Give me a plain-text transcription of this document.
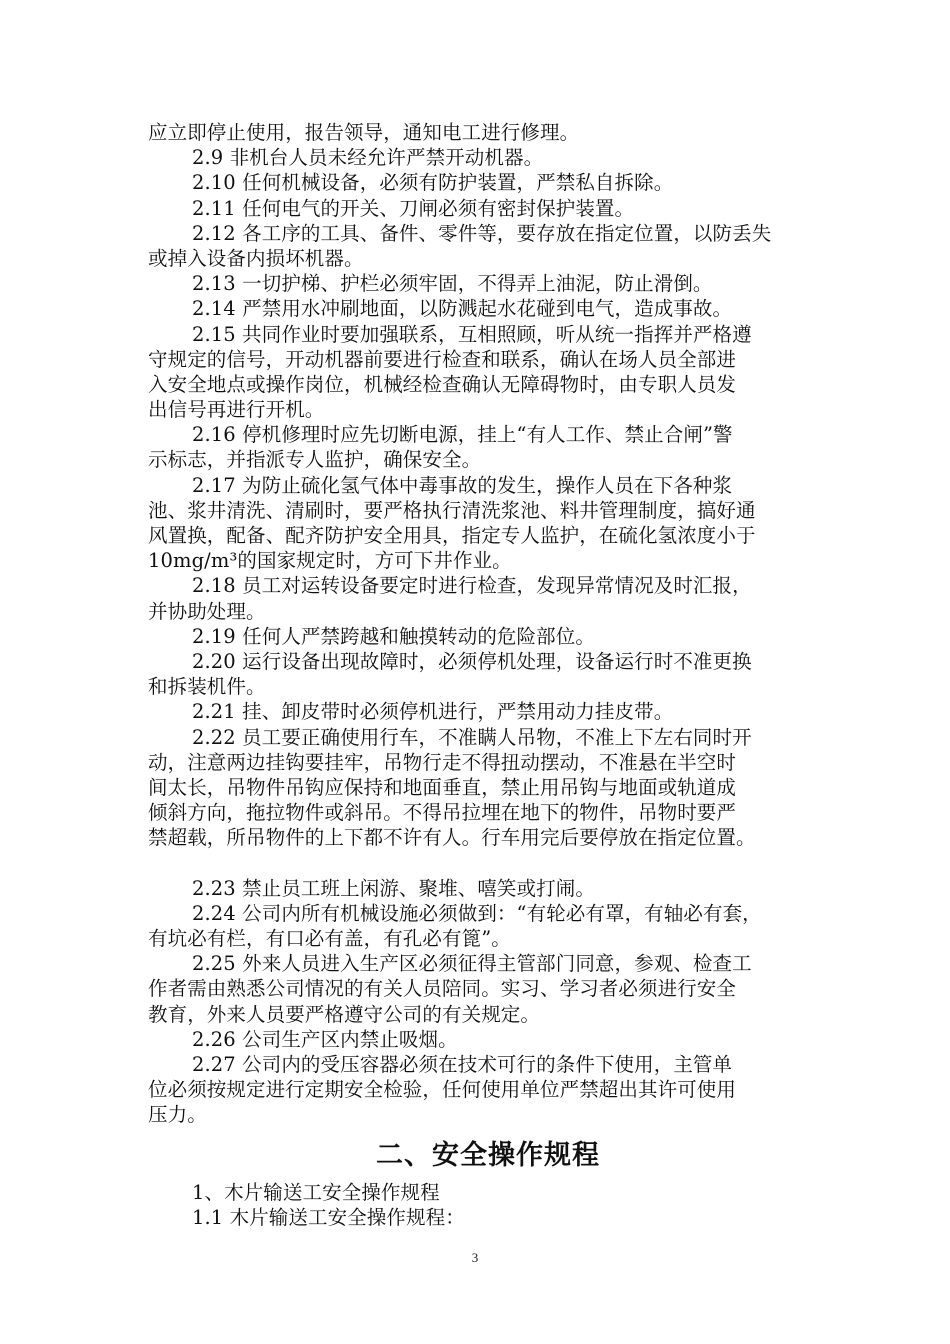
应立即停止使用，报告领导，通知电工进行修理。
2.9 非机台人员未经允许严禁开动机器。
2.10 任何机械设备，必须有防护装置，严禁私自拆除。
2.11 任何电气的开关、刀闸必须有密封保护装置。
2.12 各工序的工具、备件、零件等，要存放在指定位置，以防丢失
或掉入设备内损坏机器。
2.13 一切护梯、护栏必须牢固，不得弄上油泥，防止滑倒。
2.14 严禁用水冲刷地面，以防溅起水花碰到电气，造成事故。
2.15 共同作业时要加强联系，互相照顾，听从统一指挥并严格遵
守规定的信号，开动机器前要进行检查和联系，确认在场人员全部进
入安全地点或操作岗位，机械经检查确认无障碍物时，由专职人员发
出信号再进行开机。
2.16 停机修理时应先切断电源，挂上“有人工作、禁止合闸”警
示标志，并指派专人监护，确保安全。
2.17 为防止硫化氢气体中毒事故的发生，操作人员在下各种浆
池、浆井清洗、清刷时，要严格执行清洗浆池、料井管理制度，搞好通
风置换，配备、配齐防护安全用具，指定专人监护，在硫化氢浓度小于
10mg/m³的国家规定时，方可下井作业。
2.18 员工对运转设备要定时进行检查，发现异常情况及时汇报，
并协助处理。
2.19 任何人严禁跨越和触摸转动的危险部位。
2.20 运行设备出现故障时，必须停机处理，设备运行时不准更换
和拆装机件。
2.21 挂、卸皮带时必须停机进行，严禁用动力挂皮带。
2.22 员工要正确使用行车，不准瞒人吊物，不准上下左右同时开
动，注意两边挂钩要挂牢，吊物行走不得扭动摆动，不准悬在半空时
间太长，吊物件吊钩应保持和地面垂直，禁止用吊钩与地面或轨道成
倾斜方向，拖拉物件或斜吊。不得吊拉埋在地下的物件，吊物时要严
禁超载，所吊物件的上下都不许有人。行车用完后要停放在指定位置。
2.23 禁止员工班上闲游、聚堆、嘻笑或打闹。
2.24 公司内所有机械设施必须做到：“有轮必有罩，有轴必有套，
有坑必有栏，有口必有盖，有孔必有篦”。
2.25 外来人员进入生产区必须征得主管部门同意，参观、检查工
作者需由熟悉公司情况的有关人员陪同。实习、学习者必须进行安全
教育，外来人员要严格遵守公司的有关规定。
2.26 公司生产区内禁止吸烟。
2.27 公司内的受压容器必须在技术可行的条件下使用，主管单
位必须按规定进行定期安全检验，任何使用单位严禁超出其许可使用
压力。
二、安全操作规程
1、木片输送工安全操作规程
1.1 木片输送工安全操作规程：
3
